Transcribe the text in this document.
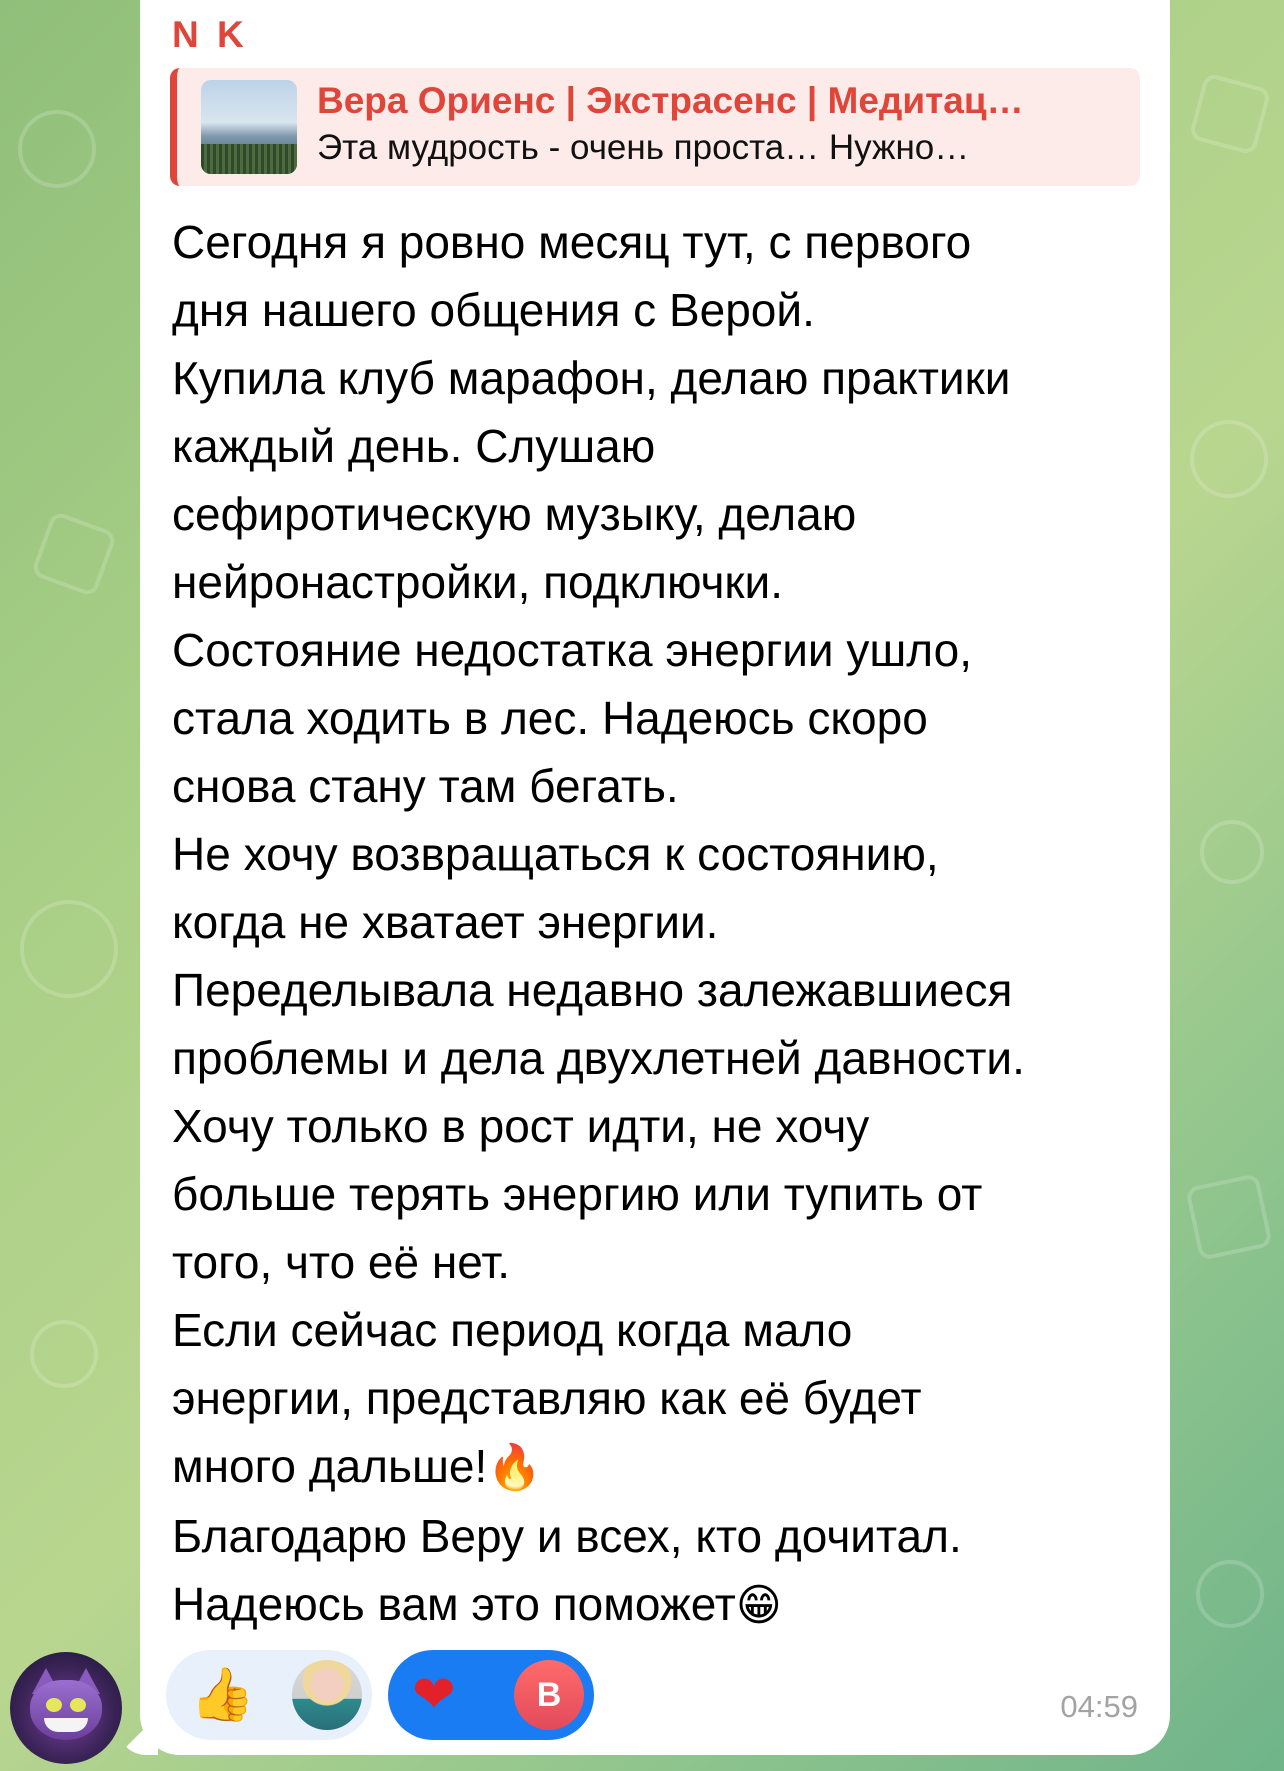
N K
Вера Ориенс | Экстрасенс | Медитац…
Эта мудрость - очень проста… Нужно…
Сегодня я ровно месяц тут, с первого
дня нашего общения с Верой.
Купила клуб марафон, делаю практики
каждый день. Слушаю
сефиротическую музыку, делаю
нейронастройки, подключки.
Состояние недостатка энергии ушло,
стала ходить в лес. Надеюсь скоро
снова стану там бегать.
Не хочу возвращаться к состоянию,
когда не хватает энергии.
Переделывала недавно залежавшиеся
проблемы и дела двухлетней давности.
Хочу только в рост идти, не хочу
больше терять энергию или тупить от
того, что её нет.
Если сейчас период когда мало
энергии, представляю как её будет
много дальше!🔥
Благодарю Веру и всех, кто дочитал.
Надеюсь вам это поможет😁
👍	❤	В	04:59
